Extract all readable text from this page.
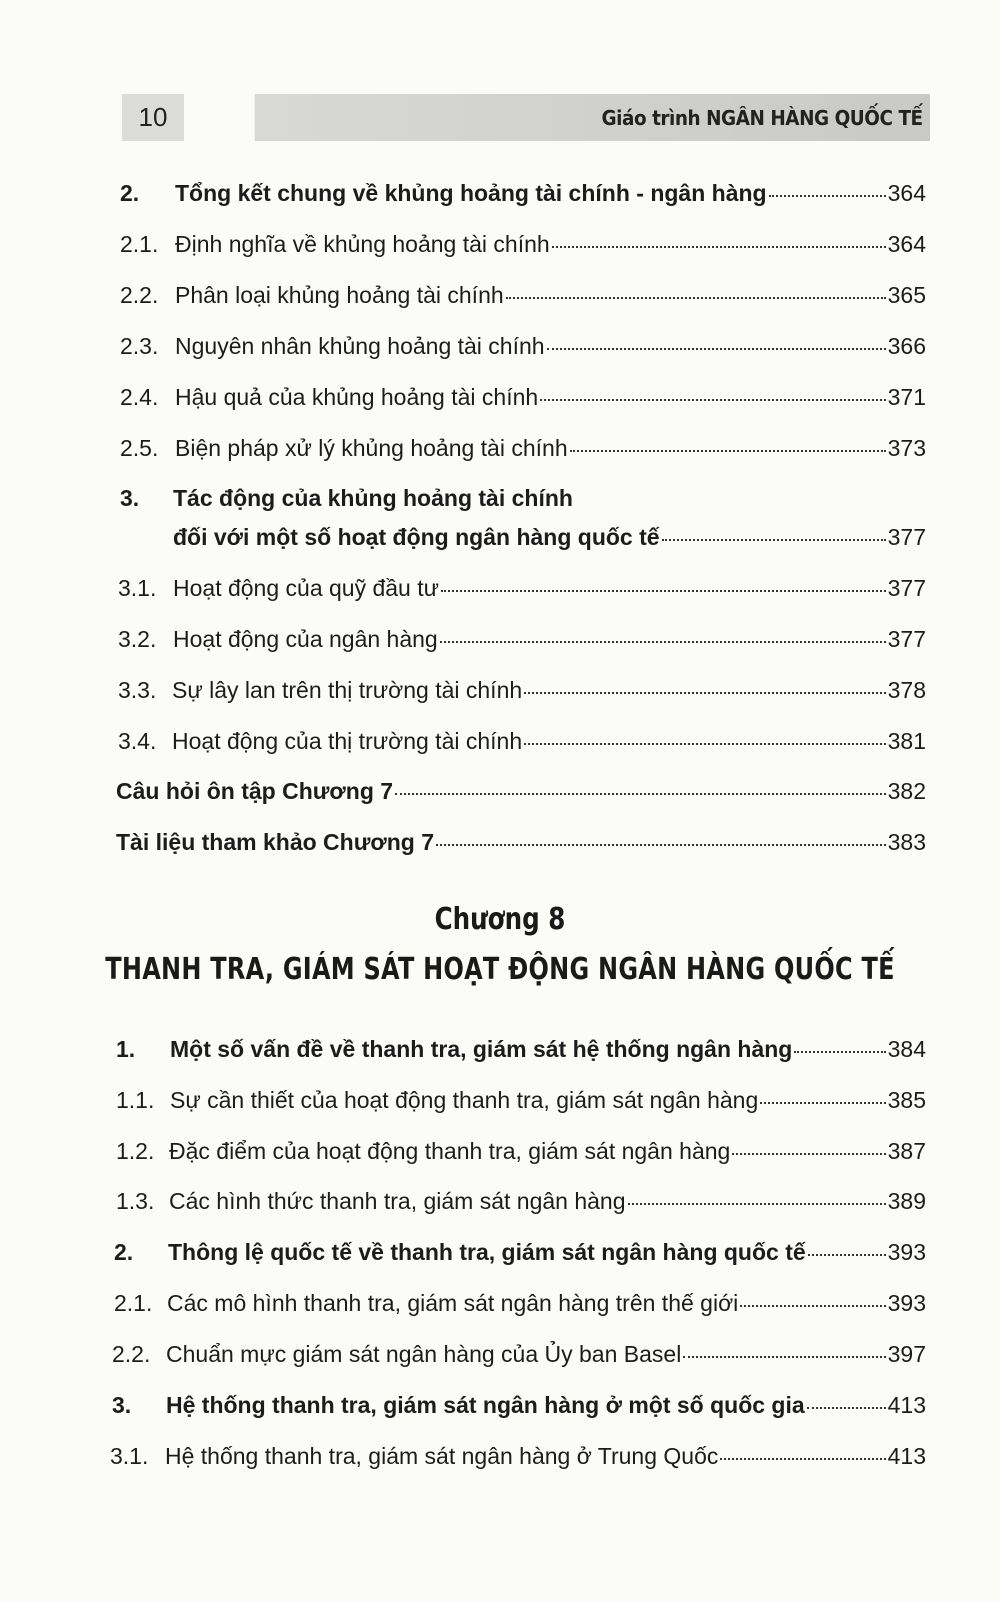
10	Giáo trình NGÂN HÀNG QUỐC TẾ
2.	Tổng kết chung về khủng hoảng tài chính - ngân hàng	364
2.1. Định nghĩa về khủng hoảng tài chính	364
2.2. Phân loại khủng hoảng tài chính	365
2.3. Nguyên nhân khủng hoảng tài chính	366
2.4. Hậu quả của khủng hoảng tài chính	371
2.5. Biện pháp xử lý khủng hoảng tài chính	373
3. Tác động của khủng hoảng tài chính
đối với một số hoạt động ngân hàng quốc tế	377
3.1. Hoạt động của quỹ đầu tư	377
3.2. Hoạt động của ngân hàng	377
3.3. Sự lây lan trên thị trường tài chính	378
3.4. Hoạt động của thị trường tài chính	381
Câu hỏi ôn tập Chương 7	382
Tài liệu tham khảo Chương 7	383
1.	Một số vấn đề về thanh tra, giám sát hệ thống ngân hàng	384
1.1. Sự cần thiết của hoạt động thanh tra, giám sát ngân hàng	385
1.2. Đặc điểm của hoạt động thanh tra, giám sát ngân hàng	387
1.3. Các hình thức thanh tra, giám sát ngân hàng	389
2.	Thông lệ quốc tế về thanh tra, giám sát ngân hàng quốc tế	393
2.1. Các mô hình thanh tra, giám sát ngân hàng trên thế giới	393
2.2. Chuẩn mực giám sát ngân hàng của Ủy ban Basel	397
3.	Hệ thống thanh tra, giám sát ngân hàng ở một số quốc gia	413
3.1. Hệ thống thanh tra, giám sát ngân hàng ở Trung Quốc	413
Chương 8
THANH TRA, GIÁM SÁT HOẠT ĐỘNG NGÂN HÀNG QUỐC TẾ
